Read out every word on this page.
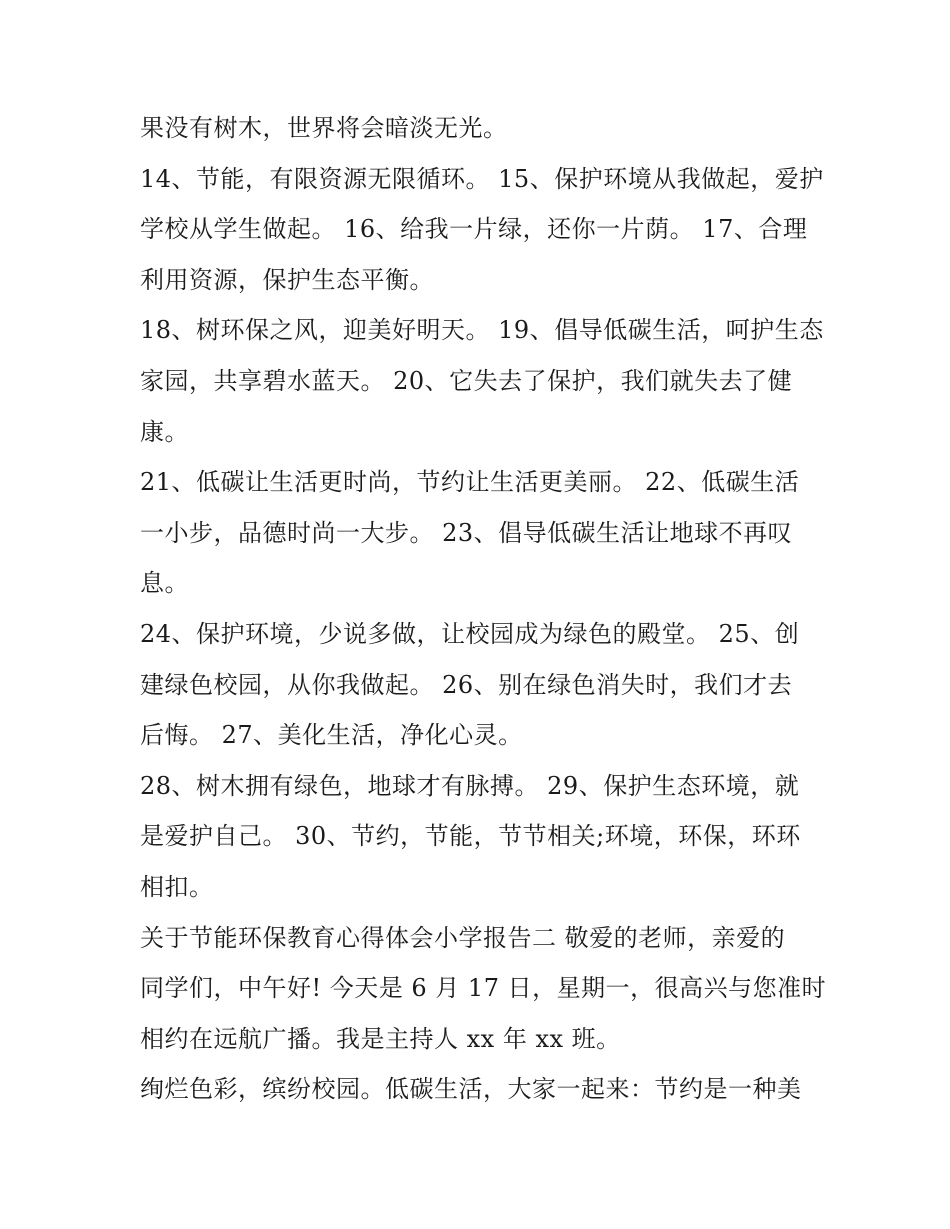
果没有树木，世界将会暗淡无光。
14、节能，有限资源无限循环。 15、保护环境从我做起，爱护
学校从学生做起。 16、给我一片绿，还你一片荫。 17、合理
利用资源，保护生态平衡。
18、树环保之风，迎美好明天。 19、倡导低碳生活，呵护生态
家园，共享碧水蓝天。 20、它失去了保护，我们就失去了健
康。
21、低碳让生活更时尚，节约让生活更美丽。 22、低碳生活
一小步，品德时尚一大步。 23、倡导低碳生活让地球不再叹
息。
24、保护环境，少说多做，让校园成为绿色的殿堂。 25、创
建绿色校园，从你我做起。 26、别在绿色消失时，我们才去
后悔。 27、美化生活，净化心灵。
28、树木拥有绿色，地球才有脉搏。 29、保护生态环境，就
是爱护自己。 30、节约，节能，节节相关;环境，环保，环环
相扣。
关于节能环保教育心得体会小学报告二 敬爱的老师，亲爱的
同学们，中午好! 今天是 6 月 17 日，星期一，很高兴与您准时
相约在远航广播。我是主持人 xx 年 xx 班。
绚烂色彩，缤纷校园。低碳生活，大家一起来：节约是一种美
